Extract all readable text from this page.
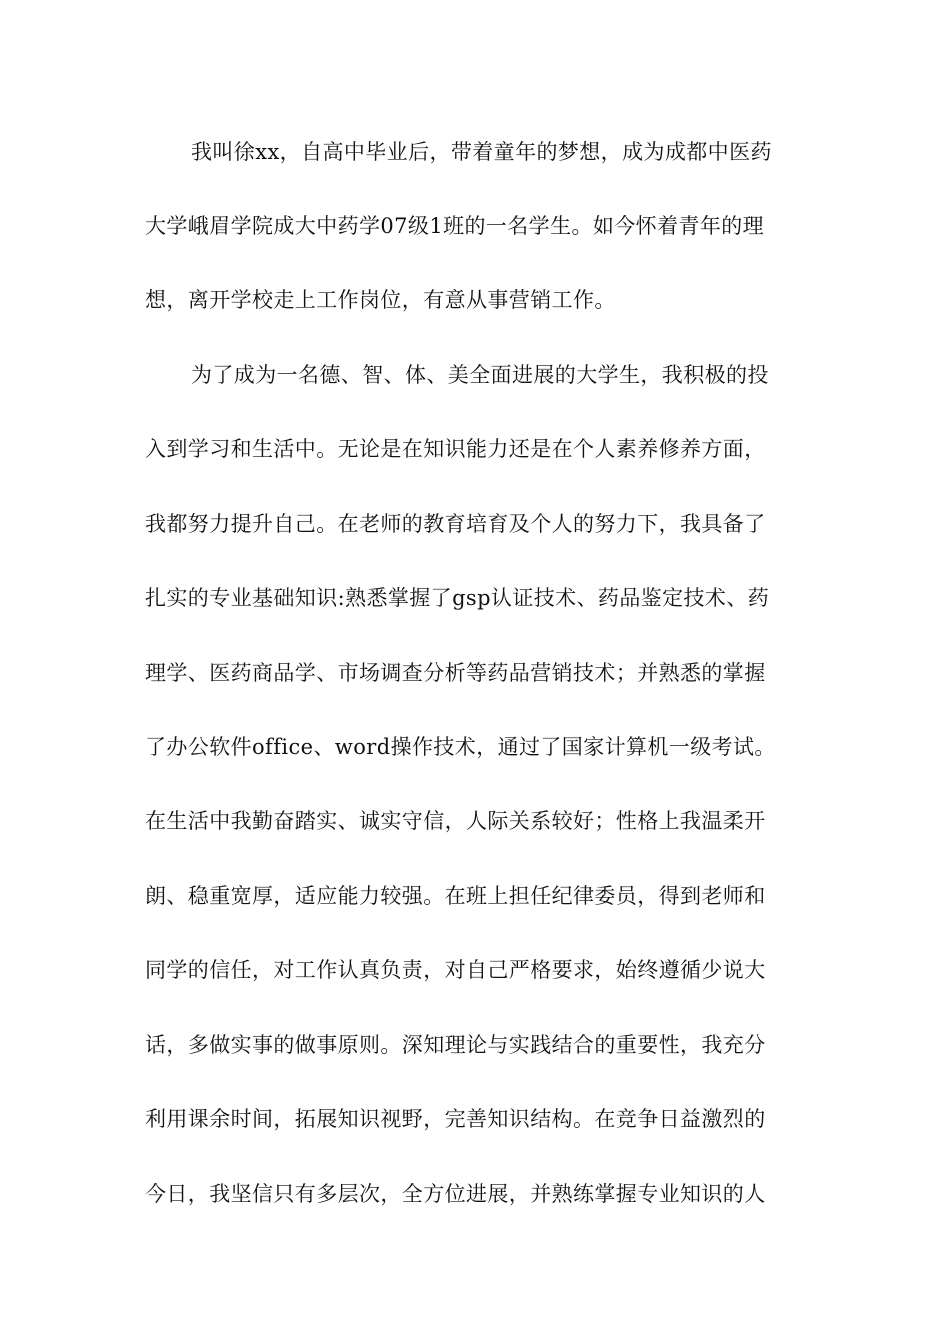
我叫徐xx，自高中毕业后，带着童年的梦想，成为成都中医药
大学峨眉学院成大中药学07级1班的一名学生。如今怀着青年的理
想，离开学校走上工作岗位，有意从事营销工作。
为了成为一名德、智、体、美全面进展的大学生，我积极的投
入到学习和生活中。无论是在知识能力还是在个人素养修养方面，
我都努力提升自己。在老师的教育培育及个人的努力下，我具备了
扎实的专业基础知识:熟悉掌握了gsp认证技术、药品鉴定技术、药
理学、医药商品学、市场调查分析等药品营销技术；并熟悉的掌握
了办公软件office、word操作技术，通过了国家计算机一级考试。
在生活中我勤奋踏实、诚实守信，人际关系较好；性格上我温柔开
朗、稳重宽厚，适应能力较强。在班上担任纪律委员，得到老师和
同学的信任，对工作认真负责，对自己严格要求，始终遵循少说大
话，多做实事的做事原则。深知理论与实践结合的重要性，我充分
利用课余时间，拓展知识视野，完善知识结构。在竞争日益激烈的
今日，我坚信只有多层次，全方位进展，并熟练掌握专业知识的人
